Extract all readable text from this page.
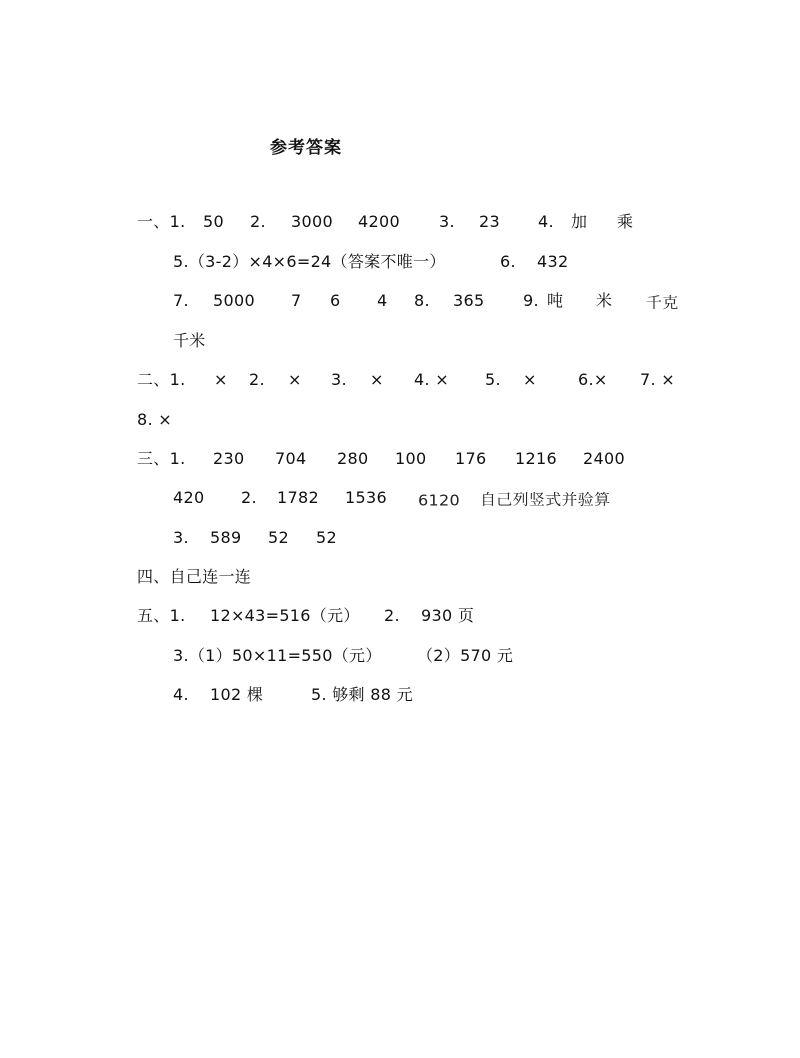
参考答案
一、1. 50 2. 3000 4200 3. 23 4. 加 乘
5.（3-2）×4×6=24（答案不唯一）	6. 432
7. 5000 7 6 4 8. 365 9. 吨 米 千克
千米
二、1. × 2. × 3. × 4. × 5. ×	6.× 7. ×
8. ×
三、1. 230 704 280 100 176 1216 2400
420 2. 1782 1536 6120 自己列竖式并验算
3. 589 52 52
四、自己连一连
五、1. 12×43=516（元） 2. 930 页
3.（1）50×11=550（元） （2）570 元
4. 102 棵	5. 够剩 88 元
